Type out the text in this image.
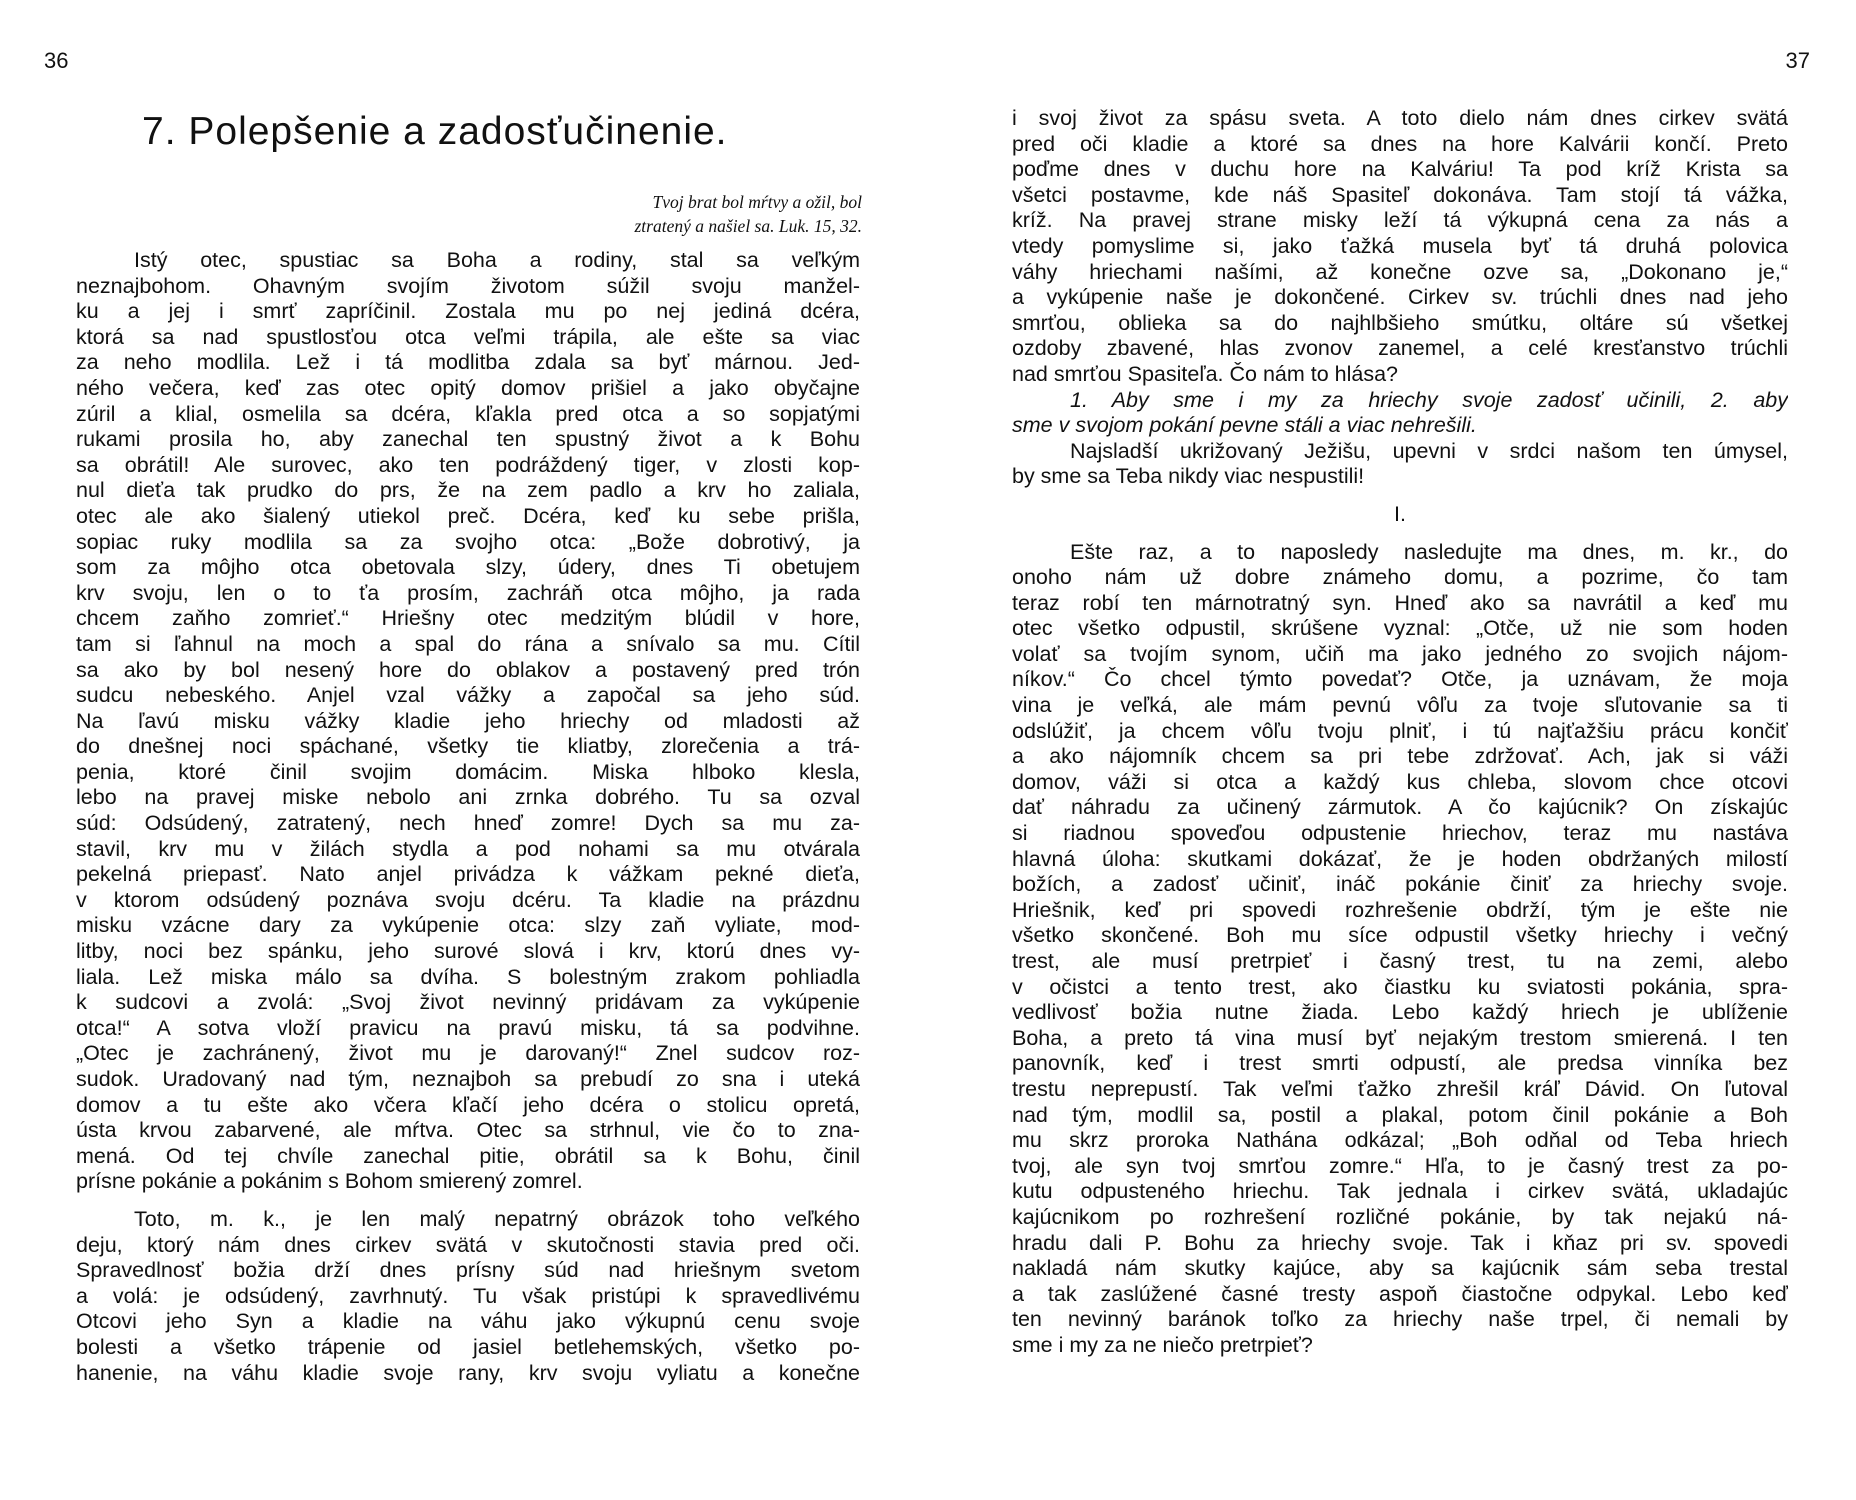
36
7. Polepšenie a zadosťučinenie.
Tvoj brat bol mŕtvy a ožil, bol
ztratený a našiel sa. Luk. 15, 32.
Istý otec, spustiac sa Boha a rodiny, stal sa veľkým
neznajbohom. Ohavným svojím životom súžil svoju manžel-
ku a jej i smrť zapríčinil. Zostala mu po nej jediná dcéra,
ktorá sa nad spustlosťou otca veľmi trápila, ale ešte sa viac
za neho modlila. Lež i tá modlitba zdala sa byť márnou. Jed-
ného večera, keď zas otec opitý domov prišiel a jako obyčajne
zúril a klial, osmelila sa dcéra, kľakla pred otca a so sopjatými
rukami prosila ho, aby zanechal ten spustný život a k Bohu
sa obrátil! Ale surovec, ako ten podráždený tiger, v zlosti kop-
nul dieťa tak prudko do prs, že na zem padlo a krv ho zaliala,
otec ale ako šialený utiekol preč. Dcéra, keď ku sebe prišla,
sopiac ruky modlila sa za svojho otca: „Bože dobrotivý, ja
som za môjho otca obetovala slzy, údery, dnes Ti obetujem
krv svoju, len o to ťa prosím, zachráň otca môjho, ja rada
chcem zaňho zomrieť.“ Hriešny otec medzitým blúdil v hore,
tam si ľahnul na moch a spal do rána a snívalo sa mu. Cítil
sa ako by bol nesený hore do oblakov a postavený pred trón
sudcu nebeského. Anjel vzal vážky a započal sa jeho súd.
Na ľavú misku vážky kladie jeho hriechy od mladosti až
do dnešnej noci spáchané, všetky tie kliatby, zlorečenia a trá-
penia, ktoré činil svojim domácim. Miska hlboko klesla,
lebo na pravej miske nebolo ani zrnka dobrého. Tu sa ozval
súd: Odsúdený, zatratený, nech hneď zomre! Dych sa mu za-
stavil, krv mu v žilách stydla a pod nohami sa mu otvárala
pekelná priepasť. Nato anjel privádza k vážkam pekné dieťa,
v ktorom odsúdený poznáva svoju dcéru. Ta kladie na prázdnu
misku vzácne dary za vykúpenie otca: slzy zaň vyliate, mod-
litby, noci bez spánku, jeho surové slová i krv, ktorú dnes vy-
liala. Lež miska málo sa dvíha. S bolestným zrakom pohliadla
k sudcovi a zvolá: „Svoj život nevinný pridávam za vykúpenie
otca!“ A sotva vloží pravicu na pravú misku, tá sa podvihne.
„Otec je zachránený, život mu je darovaný!“ Znel sudcov roz-
sudok. Uradovaný nad tým, neznajboh sa prebudí zo sna i uteká
domov a tu ešte ako včera kľačí jeho dcéra o stolicu opretá,
ústa krvou zabarvené, ale mŕtva. Otec sa strhnul, vie čo to zna-
mená. Od tej chvíle zanechal pitie, obrátil sa k Bohu, činil
prísne pokánie a pokánim s Bohom smierený zomrel.
Toto, m. k., je len malý nepatrný obrázok toho veľkého
deju, ktorý nám dnes cirkev svätá v skutočnosti stavia pred oči.
Spravedlnosť božia drží dnes prísny súd nad hriešnym svetom
a volá: je odsúdený, zavrhnutý. Tu však pristúpi k spravedlivému
Otcovi jeho Syn a kladie na váhu jako výkupnú cenu svoje
bolesti a všetko trápenie od jasiel betlehemských, všetko po-
hanenie, na váhu kladie svoje rany, krv svoju vyliatu a konečne
37
i svoj život za spásu sveta. A toto dielo nám dnes cirkev svätá
pred oči kladie a ktoré sa dnes na hore Kalvárii končí. Preto
poďme dnes v duchu hore na Kalváriu! Ta pod kríž Krista sa
všetci postavme, kde náš Spasiteľ dokonáva. Tam stojí tá vážka,
kríž. Na pravej strane misky leží tá výkupná cena za nás a
vtedy pomyslime si, jako ťažká musela byť tá druhá polovica
váhy hriechami našími, až konečne ozve sa, „Dokonano je,“
a vykúpenie naše je dokončené. Cirkev sv. trúchli dnes nad jeho
smrťou, oblieka sa do najhlbšieho smútku, oltáre sú všetkej
ozdoby zbavené, hlas zvonov zanemel, a celé kresťanstvo trúchli
nad smrťou Spasiteľa. Čo nám to hlása?
1. Aby sme i my za hriechy svoje zadosť učinili, 2. aby
sme v svojom pokání pevne stáli a viac nehrešili.
Najsladší ukrižovaný Ježišu, upevni v srdci našom ten úmysel,
by sme sa Teba nikdy viac nespustili!
I.
Ešte raz, a to naposledy nasledujte ma dnes, m. kr., do
onoho nám už dobre známeho domu, a pozrime, čo tam
teraz robí ten márnotratný syn. Hneď ako sa navrátil a keď mu
otec všetko odpustil, skrúšene vyznal: „Otče, už nie som hoden
volať sa tvojím synom, učiň ma jako jedného zo svojich nájom-
níkov.“ Čo chcel týmto povedať? Otče, ja uznávam, že moja
vina je veľká, ale mám pevnú vôľu za tvoje sľutovanie sa ti
odslúžiť, ja chcem vôľu tvoju plniť, i tú najťažšiu prácu končiť
a ako nájomník chcem sa pri tebe zdržovať. Ach, jak si váži
domov, váži si otca a každý kus chleba, slovom chce otcovi
dať náhradu za učinený zármutok. A čo kajúcnik? On získajúc
si riadnou spoveďou odpustenie hriechov, teraz mu nastáva
hlavná úloha: skutkami dokázať, že je hoden obdržaných milostí
božích, a zadosť učiniť, ináč pokánie činiť za hriechy svoje.
Hriešnik, keď pri spovedi rozhrešenie obdrží, tým je ešte nie
všetko skončené. Boh mu síce odpustil všetky hriechy i večný
trest, ale musí pretrpieť i časný trest, tu na zemi, alebo
v očistci a tento trest, ako čiastku ku sviatosti pokánia, spra-
vedlivosť božia nutne žiada. Lebo každý hriech je ublíženie
Boha, a preto tá vina musí byť nejakým trestom smierená. I ten
panovník, keď i trest smrti odpustí, ale predsa vinníka bez
trestu neprepustí. Tak veľmi ťažko zhrešil kráľ Dávid. On ľutoval
nad tým, modlil sa, postil a plakal, potom činil pokánie a Boh
mu skrz proroka Nathána odkázal; „Boh odňal od Teba hriech
tvoj, ale syn tvoj smrťou zomre.“ Hľa, to je časný trest za po-
kutu odpusteného hriechu. Tak jednala i cirkev svätá, ukladajúc
kajúcnikom po rozhrešení rozličné pokánie, by tak nejakú ná-
hradu dali P. Bohu za hriechy svoje. Tak i kňaz pri sv. spovedi
nakladá nám skutky kajúce, aby sa kajúcnik sám seba trestal
a tak zaslúžené časné tresty aspoň čiastočne odpykal. Lebo keď
ten nevinný baránok toľko za hriechy naše trpel, či nemali by
sme i my za ne niečo pretrpieť?
